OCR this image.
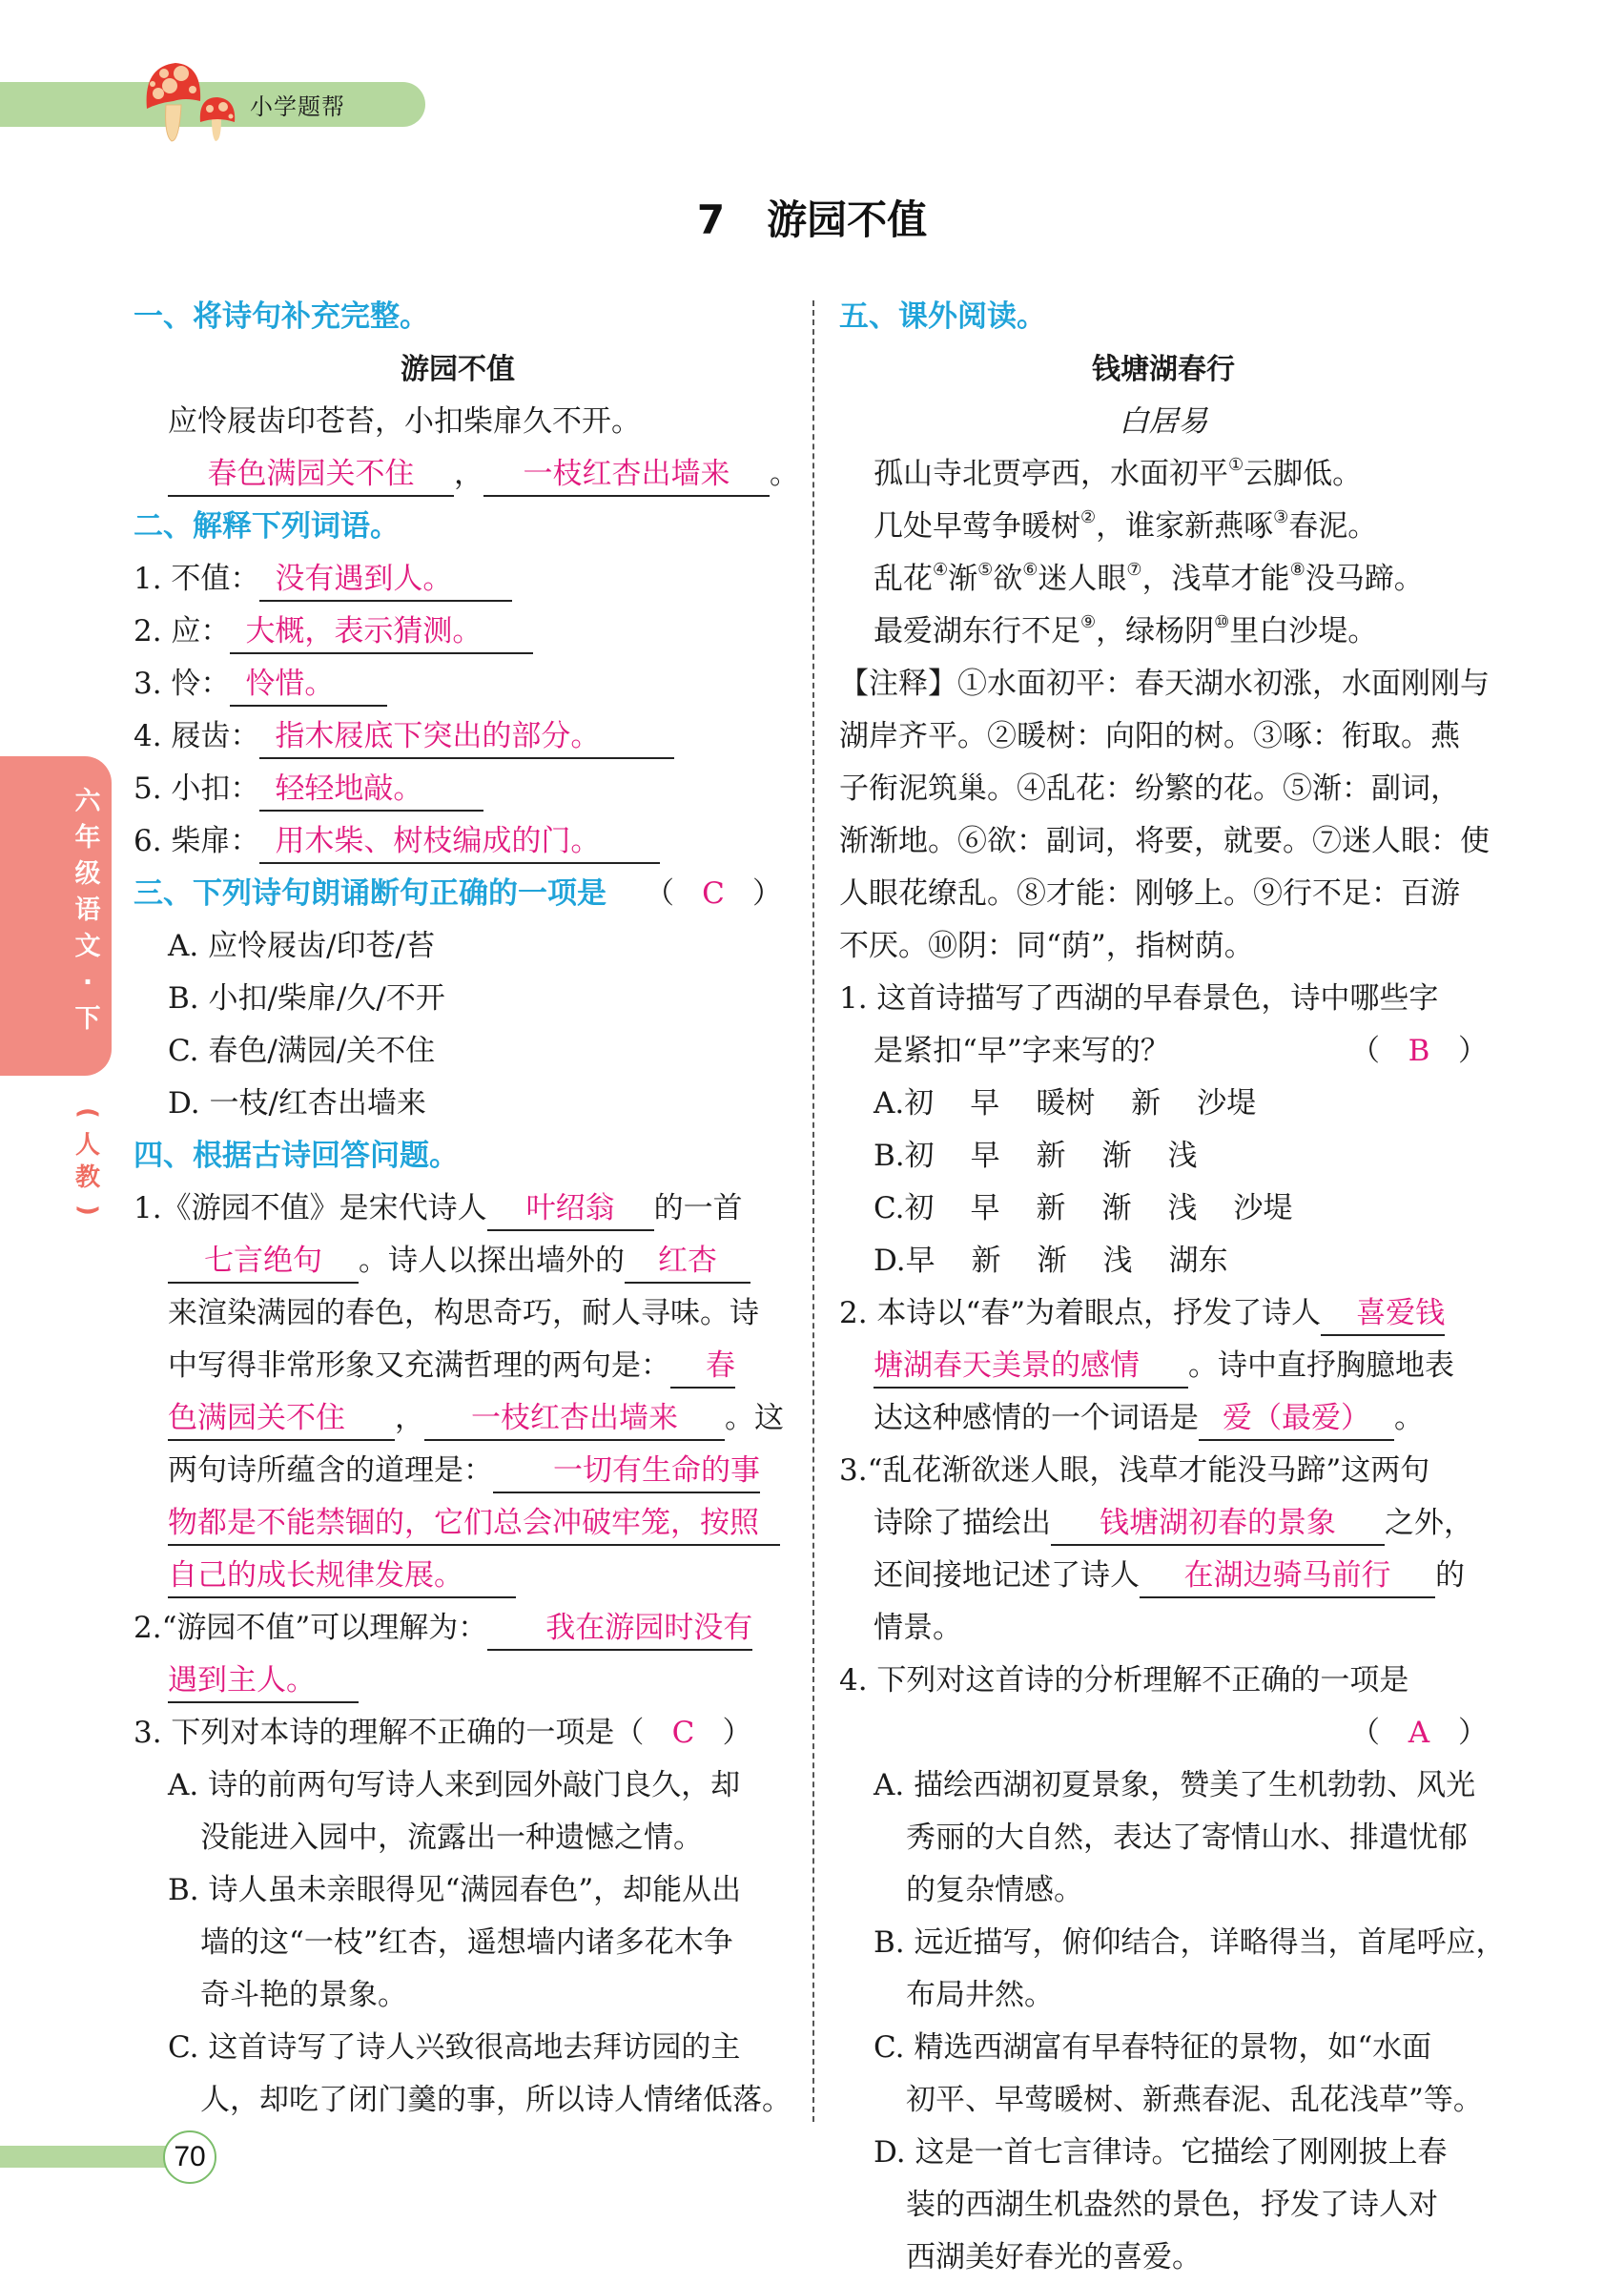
小学题帮
7 游园不值
六
年
级
语
文
·
下
(
人
教
)
一、将诗句补充完整。
游园不值
应怜屐齿印苍苔，小扣柴扉久不开。
春色满园关不住 ， 一枝红杏出墙来 。
二、解释下列词语。
1. 不值： 没有遇到人。
2. 应： 大概，表示猜测。
3. 怜： 怜惜。
4. 屐齿： 指木屐底下突出的部分。
5. 小扣： 轻轻地敲。
6. 柴扉： 用木柴、树枝编成的门。
三、下列诗句朗诵断句正确的一项是 （ C ）
A. 应怜屐齿/印苍/苔
B. 小扣/柴扉/久/不开
C. 春色/满园/关不住
D. 一枝/红杏出墙来
四、根据古诗回答问题。
1.《游园不值》是宋代诗人 叶绍翁 的一首
七言绝句 。诗人以探出墙外的 红杏
来渲染满园的春色，构思奇巧，耐人寻味。诗
中写得非常形象又充满哲理的两句是： 春
色满园关不住 ， 一枝红杏出墙来 。这
两句诗所蕴含的道理是： 一切有生命的事
物都是不能禁锢的，它们总会冲破牢笼，按照
自己的成长规律发展。
2.“游园不值”可以理解为： 我在游园时没有
遇到主人。
3. 下列对本诗的理解不正确的一项是（ C ）
A. 诗的前两句写诗人来到园外敲门良久，却
没能进入园中，流露出一种遗憾之情。
B. 诗人虽未亲眼得见“满园春色”，却能从出
墙的这“一枝”红杏，遥想墙内诸多花木争
奇斗艳的景象。
C. 这首诗写了诗人兴致很高地去拜访园的主
人，却吃了闭门羹的事，所以诗人情绪低落。
五、课外阅读。
钱塘湖春行
白居易
孤山寺北贾亭西，水面初平①云脚低。
几处早莺争暖树②，谁家新燕啄③春泥。
乱花④渐⑤欲⑥迷人眼⑦，浅草才能⑧没马蹄。
最爱湖东行不足⑨，绿杨阴⑩里白沙堤。
【注释】①水面初平：春天湖水初涨，水面刚刚与
湖岸齐平。②暖树：向阳的树。③啄：衔取。燕
子衔泥筑巢。④乱花：纷繁的花。⑤渐：副词，
渐渐地。⑥欲：副词，将要，就要。⑦迷人眼：使
人眼花缭乱。⑧才能：刚够上。⑨行不足：百游
不厌。⑩阴：同“荫”，指树荫。
1. 这首诗描写了西湖的早春景色，诗中哪些字
是紧扣“早”字来写的？	（ B ）
A.初 早 暖树 新 沙堤
B.初 早 新 渐 浅
C.初 早 新 渐 浅 沙堤
D.早 新 渐 浅 湖东
2. 本诗以“春”为着眼点，抒发了诗人 喜爱钱
塘湖春天美景的感情 。诗中直抒胸臆地表
达这种感情的一个词语是 爱（最爱） 。
3.“乱花渐欲迷人眼，浅草才能没马蹄”这两句
诗除了描绘出 钱塘湖初春的景象 之外，
还间接地记述了诗人 在湖边骑马前行 的
情景。
4. 下列对这首诗的分析理解不正确的一项是
（ A ）
A. 描绘西湖初夏景象，赞美了生机勃勃、风光
秀丽的大自然，表达了寄情山水、排遣忧郁
的复杂情感。
B. 远近描写，俯仰结合，详略得当，首尾呼应，
布局井然。
C. 精选西湖富有早春特征的景物，如“水面
初平、早莺暖树、新燕春泥、乱花浅草”等。
D. 这是一首七言律诗。它描绘了刚刚披上春
装的西湖生机盎然的景色，抒发了诗人对
西湖美好春光的喜爱。
70
